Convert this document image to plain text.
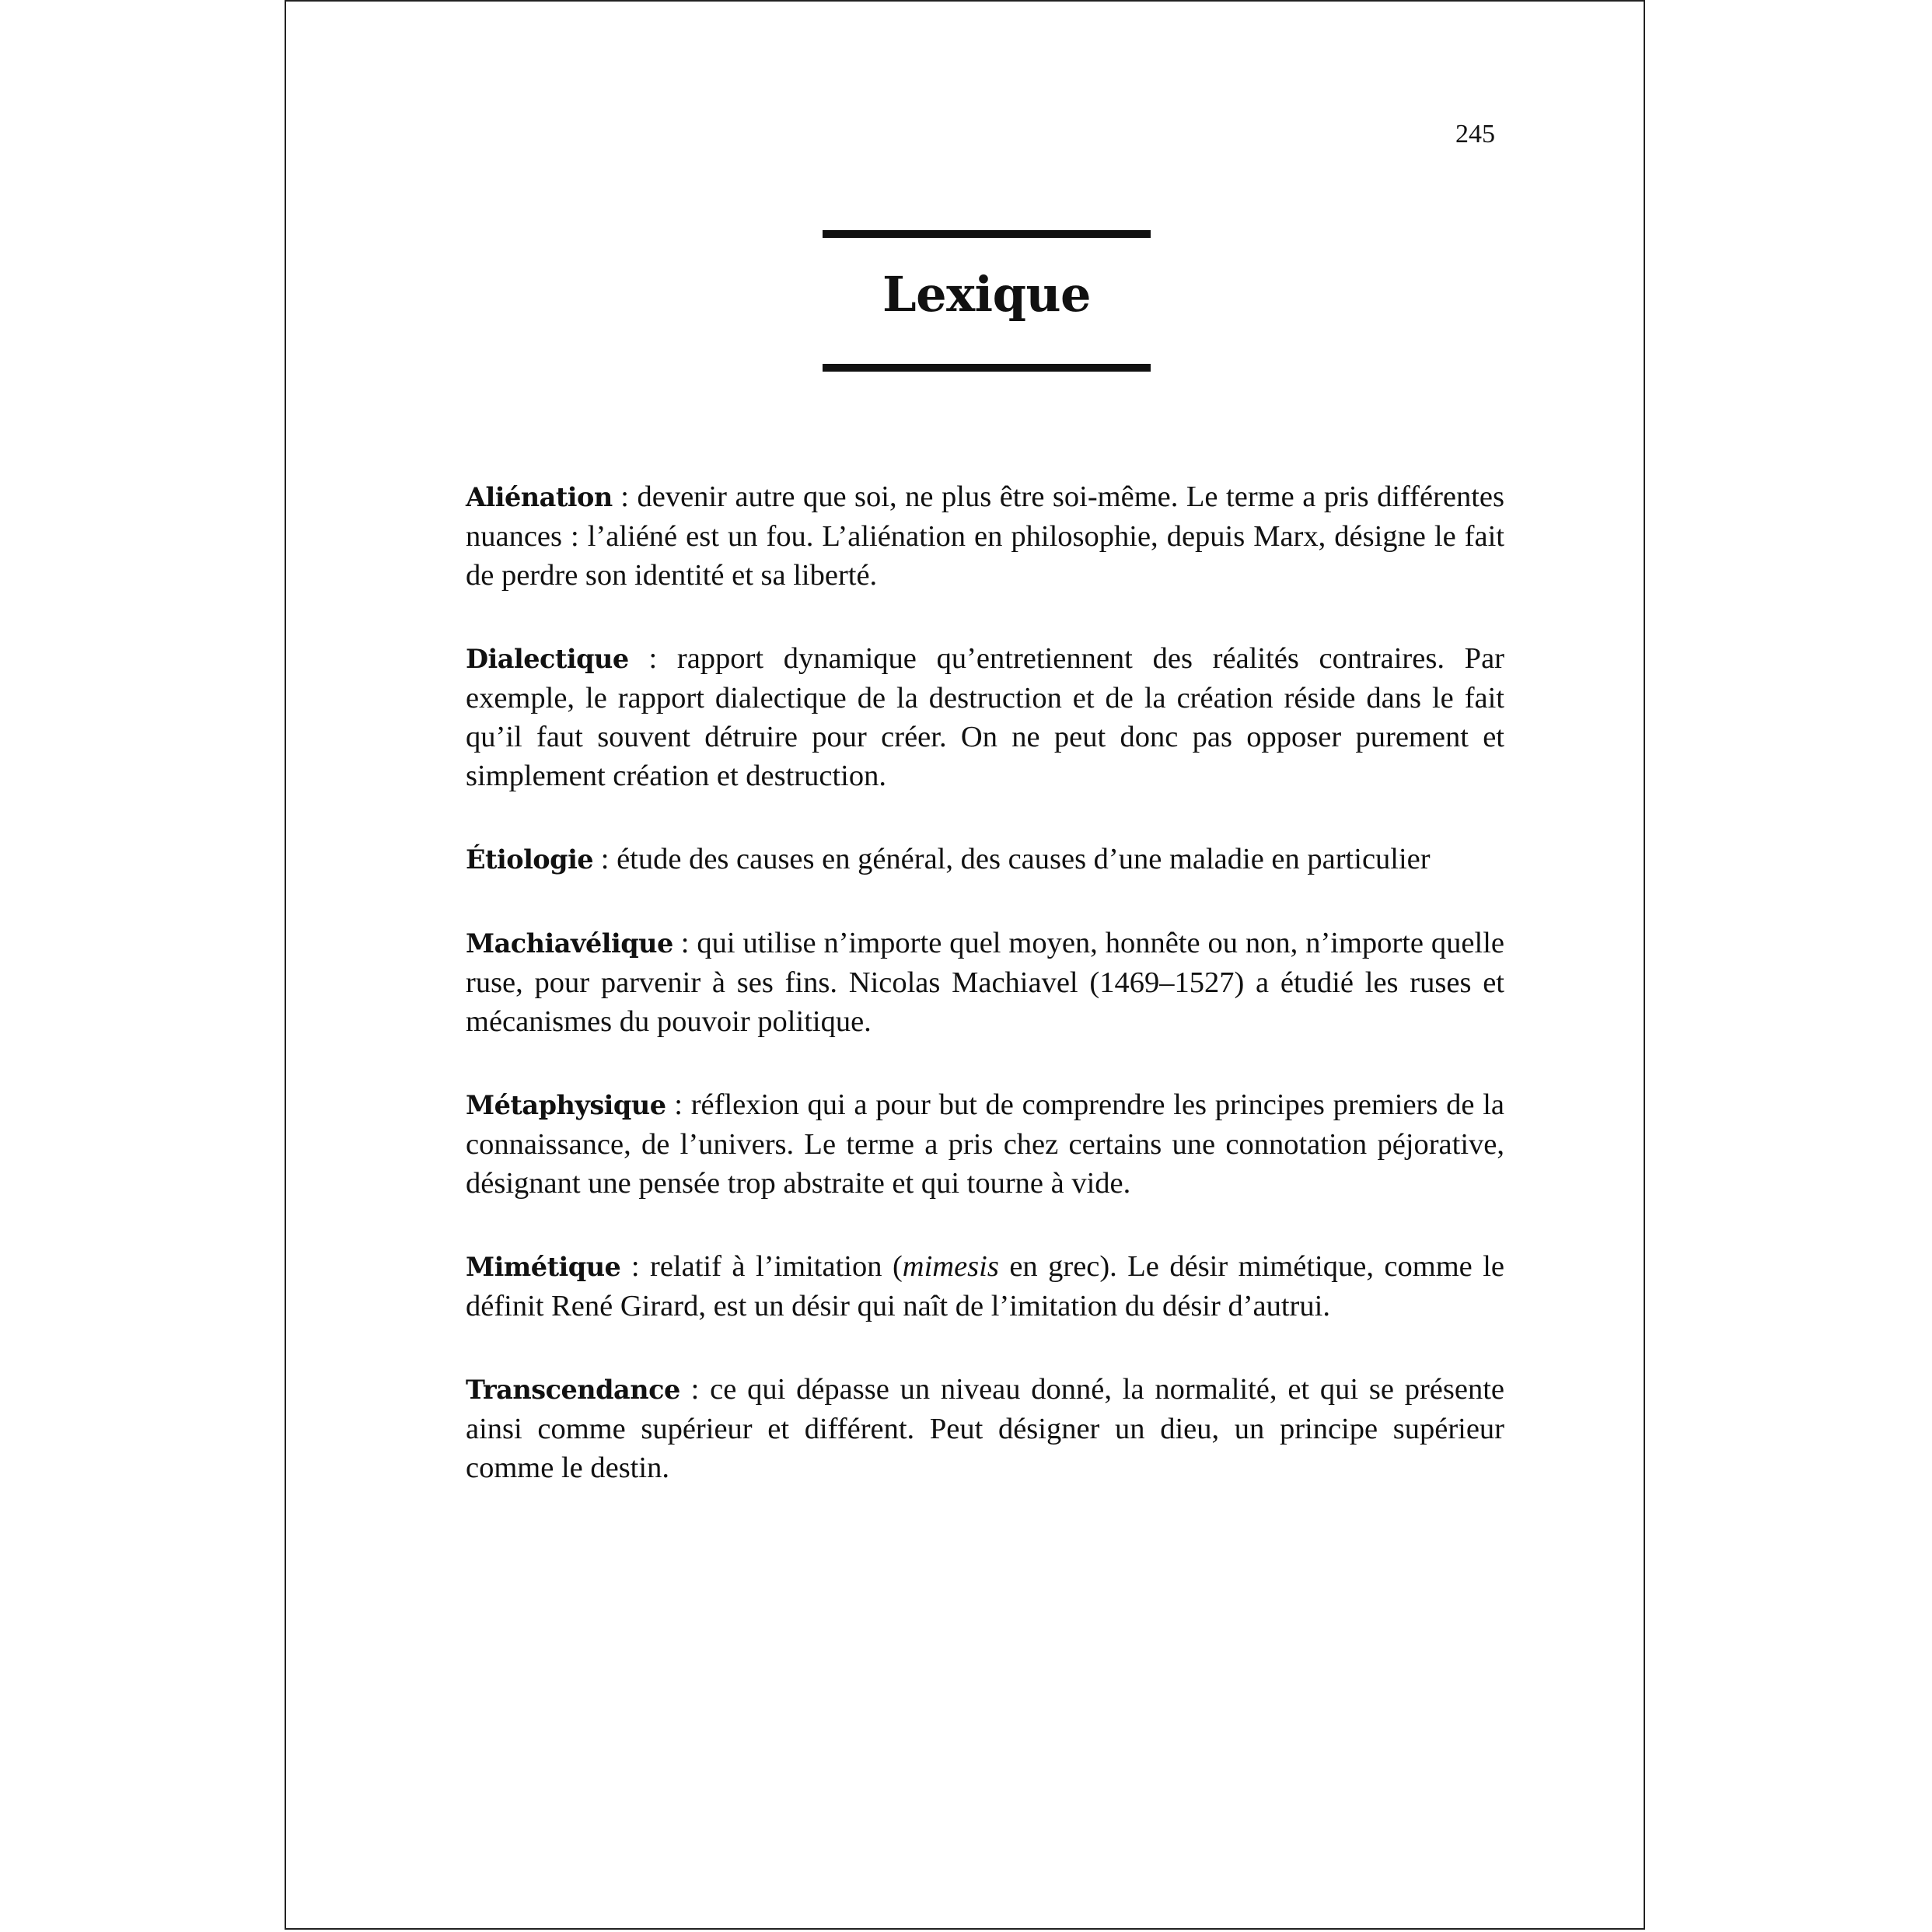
245
Lexique

Aliénation : devenir autre que soi, ne plus être soi-même. Le terme a pris différentes nuances : l’aliéné est un fou. L’aliénation en philosophie, depuis Marx, désigne le fait de perdre son identité et sa liberté.

Dialectique : rapport dynamique qu’entretiennent des réalités contraires. Par exemple, le rapport dialectique de la destruction et de la création réside dans le fait qu’il faut souvent détruire pour créer. On ne peut donc pas opposer purement et simplement création et destruction.

Étiologie : étude des causes en général, des causes d’une maladie en particulier

Machiavélique : qui utilise n’importe quel moyen, honnête ou non, n’importe quelle ruse, pour parvenir à ses fins. Nicolas Machiavel (1469–1527) a étudié les ruses et mécanismes du pouvoir politique.

Métaphysique : réflexion qui a pour but de comprendre les principes premiers de la connaissance, de l’univers. Le terme a pris chez certains une connotation péjorative, désignant une pensée trop abstraite et qui tourne à vide.

Mimétique : relatif à l’imitation (mimesis en grec). Le désir mimétique, comme le définit René Girard, est un désir qui naît de l’imitation du désir d’autrui.

Transcendance : ce qui dépasse un niveau donné, la normalité, et qui se présente ainsi comme supérieur et différent. Peut désigner un dieu, un principe supérieur comme le destin.
